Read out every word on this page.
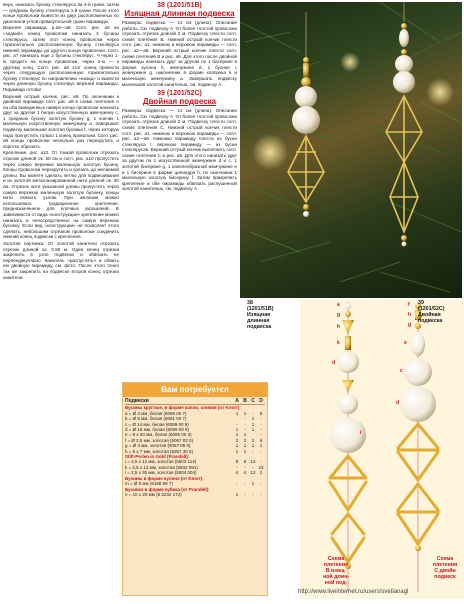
верх, нанизать бусину стекляруса 3а 4-й грани, затем — среднюю бусину стекляруса 1-й грани. После этого конце проволоки вывести из двух расположенных по диагонали углов прямоугольной грани пирамиды.

Верхняя пирамида, р.а6—а8. Согл. рис. а6 на «задний» конец проволоки нанизать 2 бусины стекляруса, затем этот конец проволоки через горизонтально расположенную бусину стекляруса нижней пирамиды до другого конца проволоки. Согл. рис. а7 нанизать еще 2 бусины стеклярус. Ч через 1-ю продеть на конце проволоки, через 2-ю — к другому конц. Согл. рис. а8 этот конец провести через следующую расположенную горизонтально бусину стеклярус по направлению «назад» и вывести через длинную бусину стеклярус верхней пирамиды. Пирамида готова!

Верхний острый кончик, рис. а9. По окончании к двойной пирамиде согл. рис. а9 в схеме плетения А на оба выведенных наверх конца проволоки нанизать друг за другом 1 белую искусственную жемчужину с, 1 среднюю бусину золотую бусину g, 1 кончик 1 маленькую искусственную жемчужину a. Завершает подвеску маленькая золотая бусинка f, через которую надо пропустить только 1 конец проволоки. Согл. рис. а9 концы проволоки несколько раз перекрутить и коротко обрезать.

Крепление, рис. а10. От тонкой проволоки отрезать отрезок длиной ок. 50 см и согл. рис. а10 пропустить через самую верхнюю маленькую золотую бусину. Концы проволоки перекрутить и срезать до желаемой длины. Вы можете сделать петлю для подвешивания и из золотой металлизированной нити длиной ок. 30 см. Отрезок нити указанной длины пропустить через самую верхнюю маленькую золотую бусинку, концы нити связать узлом. При желании можно использовать традиционное крепление, предназначенное для елочных украшений. В зависимости от вида «конструкции» крепление можно нанизать и непосредственно на самую верхнюю бусинку. Если вид «конструкции» не позволяет этого сделать, небольшим отрезком проволоки соединить нижний конец подвески с крепления.

Золотая паутинка. От золотой канители отрезать отрезок длиной ок. 0,50 м. Один конец отрезка закрепить в узле подвески и обвязать ее перпендикулярно. Канитель «распустить» и обвить ею двойную пирамиду, см. фото. После этого точно так же закрепить на подвеске второй конец отрезка канители.

38 (1201/51B)
Изящная длинная подвеска

Размеры: подвеска — 14 см (длина). Описание работы. См. подвеску А. От более толстой проволоки отрезать отрезок длиной 2 м. Подвеску плести согл. схеме плетения В. Нижний острый кончик плести согл. рис. а1, нижнюю и верхнюю пирамиды — согл. рис. а2—а8. Верхний острый кончик плести согл. схеме плетения В и рис. а9. Для этого после двойной пирамиды нанизать друг за другом по 1 бисерине в форме кулона h, жемчужине d, 1 бусине i, жемчужине g, наконечник в форме колпачка k и маленькую жемчужину a. Завершать подвеску маленькой золотой канителью, см. подвеску А.

39 (1201/52C)
Двойная подвеска

Размеры: подвеска — 14 см (длина). Описание работы. См. подвеску А. От более толстой проволоки отрезать отрезок длиной 2 м. Подвеску плести согл. схеме плетения С. Нижний острый кончик плести согл. рис. а1, нижнюю и верхнюю пирамиды — согл. рис. а2—а8. Нижнюю пирамиду плести из бусин стекляруса l, верхнюю пирамиду — из бусин стеклярусаk. Верхний острый кончик выполнить согл. схеме плетения С и рис. а9. Для этого нанизать друг за другом по 1 искусственной жемчужине d и c, 1 золотой бисерине g, 1 капелеобразной жемчужине e и 1 бисерине в форме цилиндра h, по окончании 1 маленькую золотую бисерину f. Затем прикрепить крепление и обе пирамиды обвязать распушенной золотой канителью, см. подвеску А.

38
(1201/51B)
Изящная
длинная
подвеска
a
g
h
k
d
i
f
h
g
e
c
d
Схема
плетения
В изящ-
ной длин-
ной под-
Схема
плетения
С двойн
подвеск
39
(1201/52C)
Двойная
подвеска
Вам потребуется
Подвески	A	B	C	D
Бусины круглые, в форме капли, оливки (от Knorr):				
a = Ø 4 мм, белая (6068 00 7)	1	1	-	5
b = Ø 8 мм, белая (6081 00 7)		-	1	-
c = Ø 14 мм, белая (6089 00 9)	-	-	1	-
d = Ø 18 мм, белая (6099 00 9)	1	-	1	-
e = 8 x 20 мм, белая (6095 00 3)	1	1		-
f = Ø 2,5 мм, золотая (6057 02 0)	2	2	2	6
g = Ø 3 мм, золотая (6057 08 0)	1	1	1	1
h = 5 x 7 мм, золотая (6057 30 6)	1	1	-	-
Stift-Perlen in Gold (Prandell):				
i = 2,5 x 12 мм, золотая (5503 114)	8	6	12	-
k = 2,5 x 13 мм, золотая (5502 091)	-	-	-	23
l = 2,5 x 30 мм, золотая (5504 004)	4	4	12	2
Бусины в форме кулона (от Knorr):				
m = Ø 9 мм (6198 59 7)	-	-	1	-
Бусинка в форме кубика (от Prandell):				
n = 10 x 20 мм (5 2232 174)	1	-	-	-
http://www.liveinternet.ru/users/svetlanagl
